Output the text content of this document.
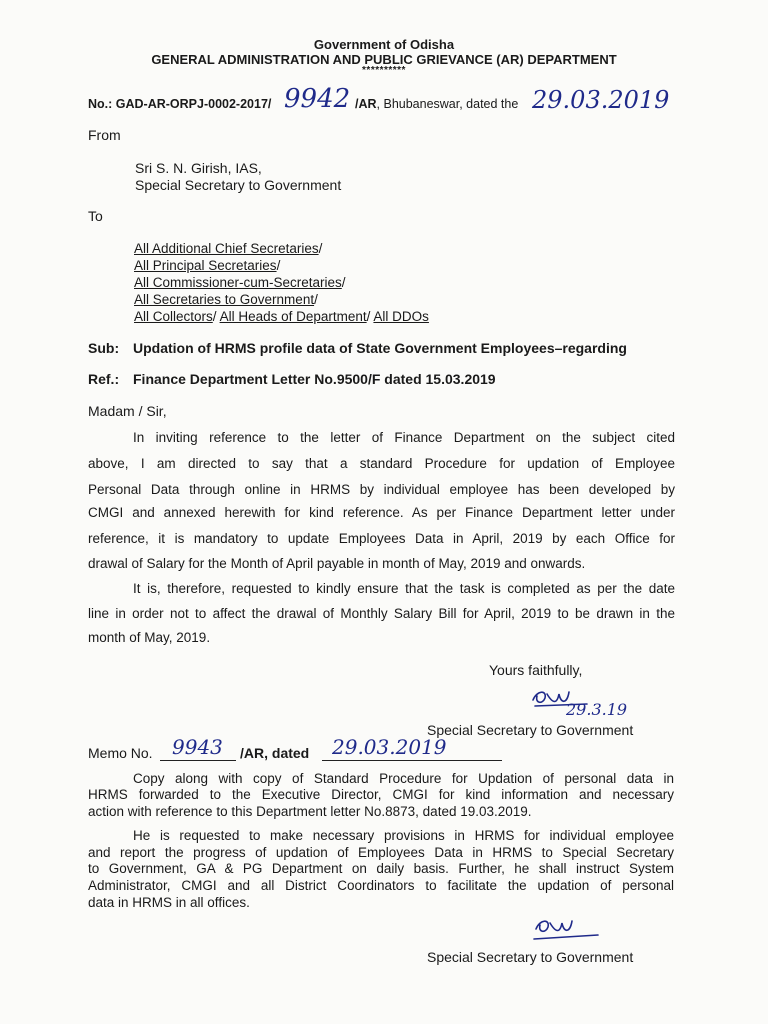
Government of Odisha
GENERAL ADMINISTRATION AND PUBLIC GRIEVANCE (AR) DEPARTMENT
**********
No.: GAD-AR-ORPJ-0002-2017/ 9942 /AR, Bhubaneswar, dated the 29.03.2019
From
Sri S. N. Girish, IAS,
Special Secretary to Government
To
All Additional Chief Secretaries/
All Principal Secretaries/
All Commissioner-cum-Secretaries/
All Secretaries to Government/
All Collectors/ All Heads of Department/ All DDOs
Sub: Updation of HRMS profile data of State Government Employees–regarding
Ref.: Finance Department Letter No.9500/F dated 15.03.2019
Madam / Sir,
In inviting reference to the letter of Finance Department on the subject cited
above, I am directed to say that a standard Procedure for updation of Employee
Personal Data through online in HRMS by individual employee has been developed by
CMGI and annexed herewith for kind reference. As per Finance Department letter under
reference, it is mandatory to update Employees Data in April, 2019 by each Office for
drawal of Salary for the Month of April payable in month of May, 2019 and onwards.
It is, therefore, requested to kindly ensure that the task is completed as per the date
line in order not to affect the drawal of Monthly Salary Bill for April, 2019 to be drawn in the
month of May, 2019.
Yours faithfully,
29.3.19
Special Secretary to Government
Memo No. 9943 /AR, dated 29.03.2019
Copy along with copy of Standard Procedure for Updation of personal data in
HRMS forwarded to the Executive Director, CMGI for kind information and necessary
action with reference to this Department letter No.8873, dated 19.03.2019.
He is requested to make necessary provisions in HRMS for individual employee
and report the progress of updation of Employees Data in HRMS to Special Secretary
to Government, GA & PG Department on daily basis. Further, he shall instruct System
Administrator, CMGI and all District Coordinators to facilitate the updation of personal
data in HRMS in all offices.
Special Secretary to Government
